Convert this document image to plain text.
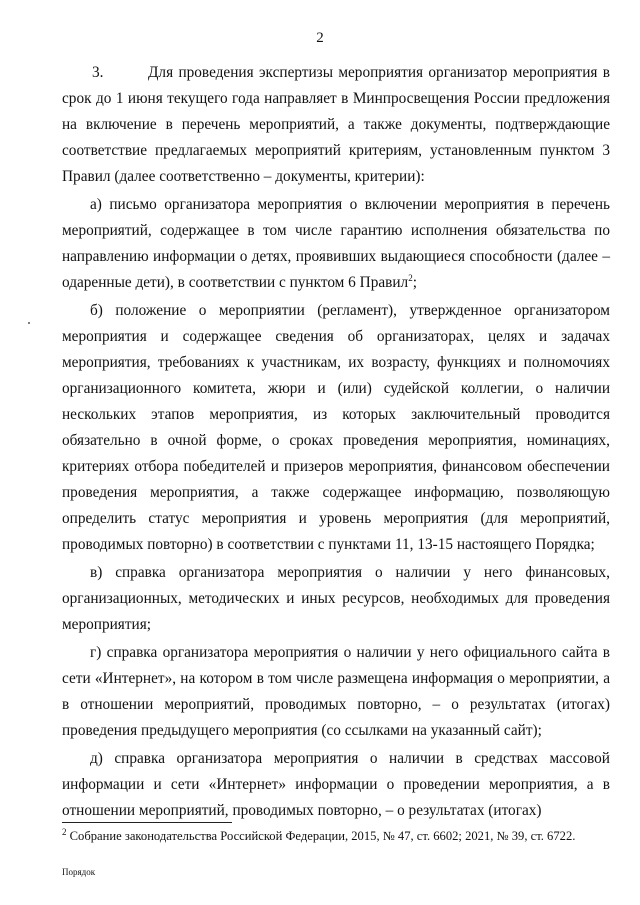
2

3.	Для проведения экспертизы мероприятия организатор мероприятия в срок до 1 июня текущего года направляет в Минпросвещения России предложения на включение в перечень мероприятий, а также документы, подтверждающие соответствие предлагаемых мероприятий критериям, установленным пунктом 3 Правил (далее соответственно – документы, критерии):

а) письмо организатора мероприятия о включении мероприятия в перечень мероприятий, содержащее в том числе гарантию исполнения обязательства по направлению информации о детях, проявивших выдающиеся способности (далее – одаренные дети), в соответствии с пунктом 6 Правил$^2$;

б) положение о мероприятии (регламент), утвержденное организатором мероприятия и содержащее сведения об организаторах, целях и задачах мероприятия, требованиях к участникам, их возрасту, функциях и полномочиях организационного комитета, жюри и (или) судейской коллегии, о наличии нескольких этапов мероприятия, из которых заключительный проводится обязательно в очной форме, о сроках проведения мероприятия, номинациях, критериях отбора победителей и призеров мероприятия, финансовом обеспечении проведения мероприятия, а также содержащее информацию, позволяющую определить статус мероприятия и уровень мероприятия (для мероприятий, проводимых повторно) в соответствии с пунктами 11, 13-15 настоящего Порядка;

в) справка организатора мероприятия о наличии у него финансовых, организационных, методических и иных ресурсов, необходимых для проведения мероприятия;

г) справка организатора мероприятия о наличии у него официального сайта в сети «Интернет», на котором в том числе размещена информация о мероприятии, а в отношении мероприятий, проводимых повторно, – о результатах (итогах) проведения предыдущего мероприятия (со ссылками на указанный сайт);

д) справка организатора мероприятия о наличии в средствах массовой информации и сети «Интернет» информации о проведении мероприятия, а в отношении мероприятий, проводимых повторно, – о результатах (итогах)

$^2$ Собрание законодательства Российской Федерации, 2015, № 47, ст. 6602; 2021, № 39, ст. 6722.
Порядок
